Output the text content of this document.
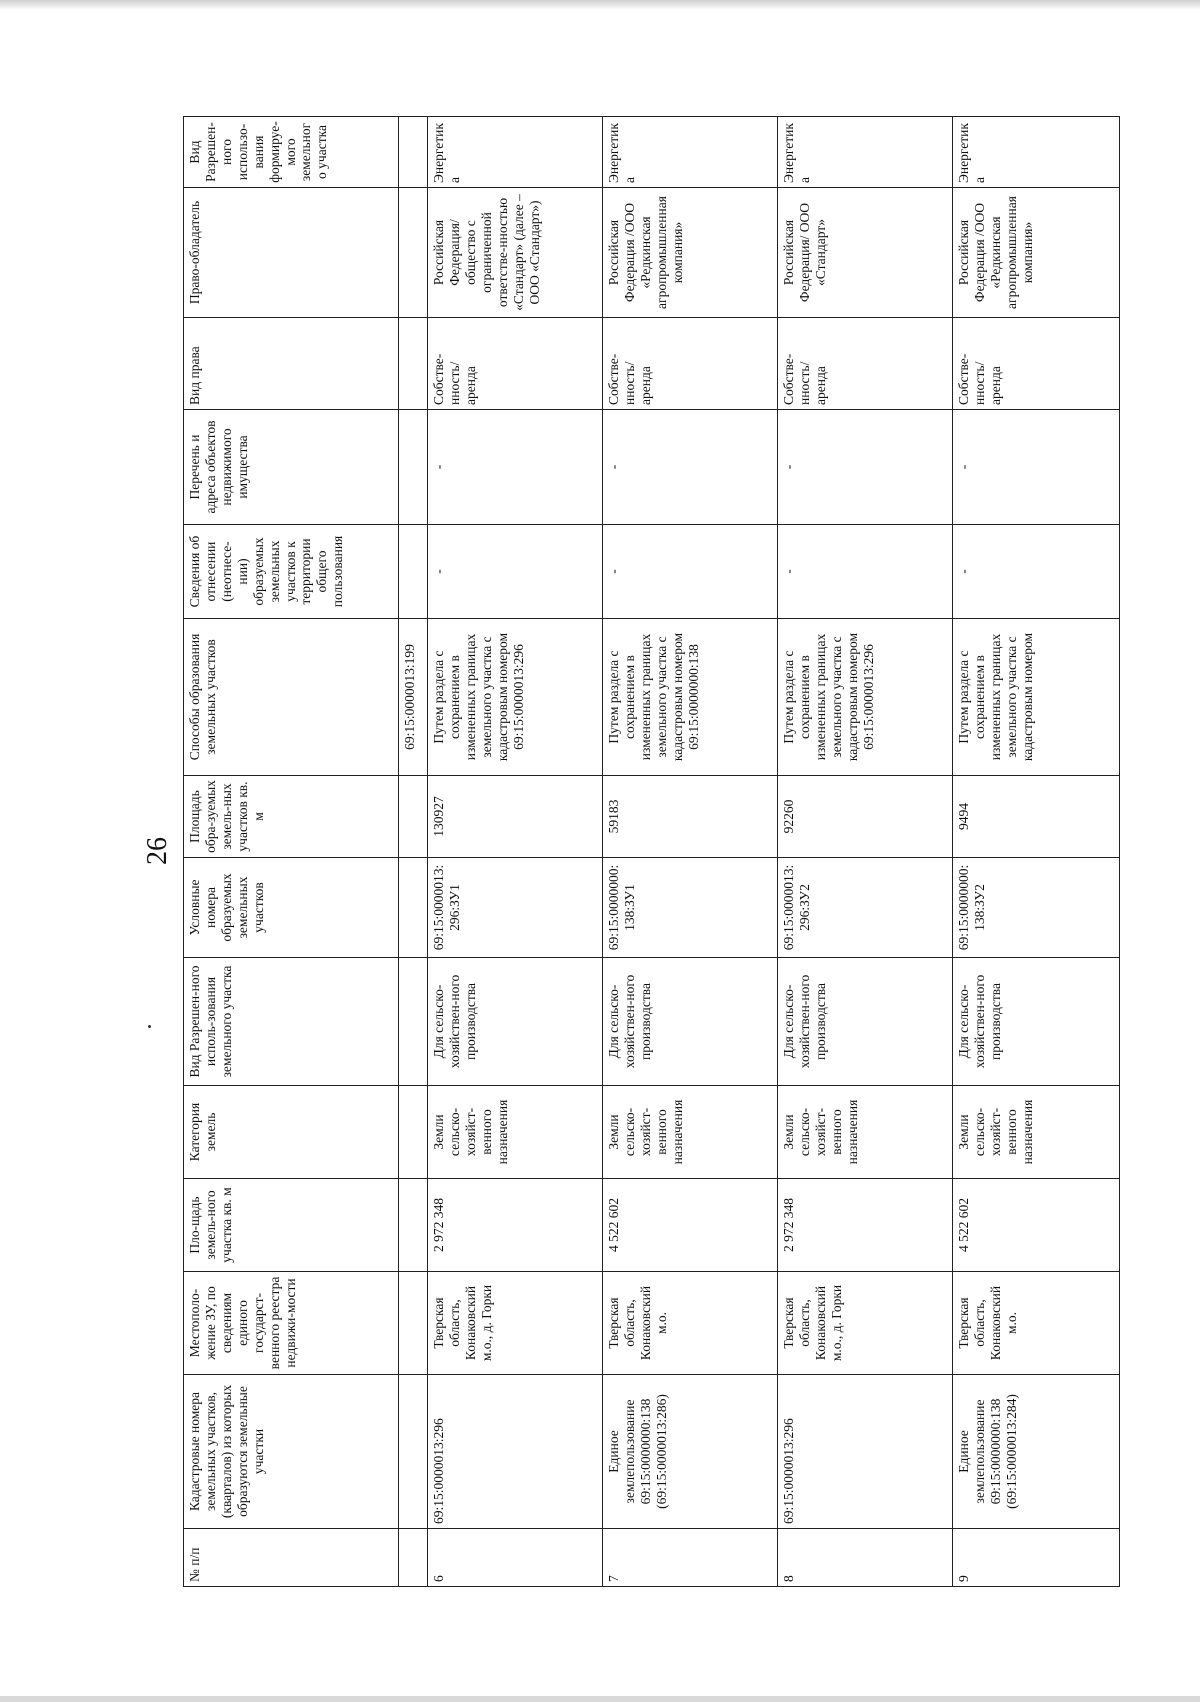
26
№ п/п	Кадастровые номера земельных участков, (кварталов) из которых образуются земельные участки	Местополо-жение ЗУ, по сведениям единого государст-венного реестра недвижи-мости	Пло-щадь земель-ного участка кв. м	Категория земель	Вид Разрешен-ного исполь-зования земельного участка	Условные номера образуемых земельных участков	Площадь обра-зуемых земель-ных участков кв. м	Способы образования земельных участков	Сведения об отнесении (неотнесе-нии) образуемых земельных участков к территории общего пользования	Перечень и адреса объектов недвижимого имущества	Вид права	Право-обладатель	Вид Разрешен-ного использо-вания формируе-мого земельного участка
								69:15:0000013:199					
6	69:15:0000013:296	Тверская область, Конаковский м.о., д. Горки	2 972 348	Земли сельско-хозяйст-венного назначения	Для сельско-хозяйствен-ного производства	69:15:0000013:296:ЗУ1	130927	Путем раздела с сохранением в измененных границах земельного участка с кадастровым номером 69:15:0000013:296	-	-	Собстве-нность/ аренда	Российская Федерация/ общество с ограниченной ответстве-нностью «Стандарт» (далее – ООО «Стандарт»)	Энергетика
7	Единое землепользование 69:15:0000000:138 (69:15:0000013:286)	Тверская область, Конаковский м.о.	4 522 602	Земли сельско-хозяйст-венного назначения	Для сельско-хозяйствен-ного производства	69:15:0000000:138:ЗУ1	59183	Путем раздела с сохранением в измененных границах земельного участка с кадастровым номером 69:15:0000000:138	-	-	Собстве-нность/ аренда	Российская Федерация /ООО «Редкинская агропромышленная компания»	Энергетика
8	69:15:0000013:296	Тверская область, Конаковский м.о., д. Горки	2 972 348	Земли сельско-хозяйст-венного назначения	Для сельско-хозяйствен-ного производства	69:15:0000013:296:ЗУ2	92260	Путем раздела с сохранением в измененных границах земельного участка с кадастровым номером 69:15:0000013:296	-	-	Собстве-нность/ аренда	Российская Федерация/ ООО «Стандарт»	Энергетика
9	Единое землепользование 69:15:0000000:138 (69:15:0000013:284)	Тверская область, Конаковский м.о.	4 522 602	Земли сельско-хозяйст-венного назначения	Для сельско-хозяйствен-ного производства	69:15:0000000:138:ЗУ2	9494	Путем раздела с сохранением в измененных границах земельного участка с кадастровым номером	-	-	Собстве-нность/ аренда	Российская Федерация /ООО «Редкинская агропромышленная компания»	Энергетика
